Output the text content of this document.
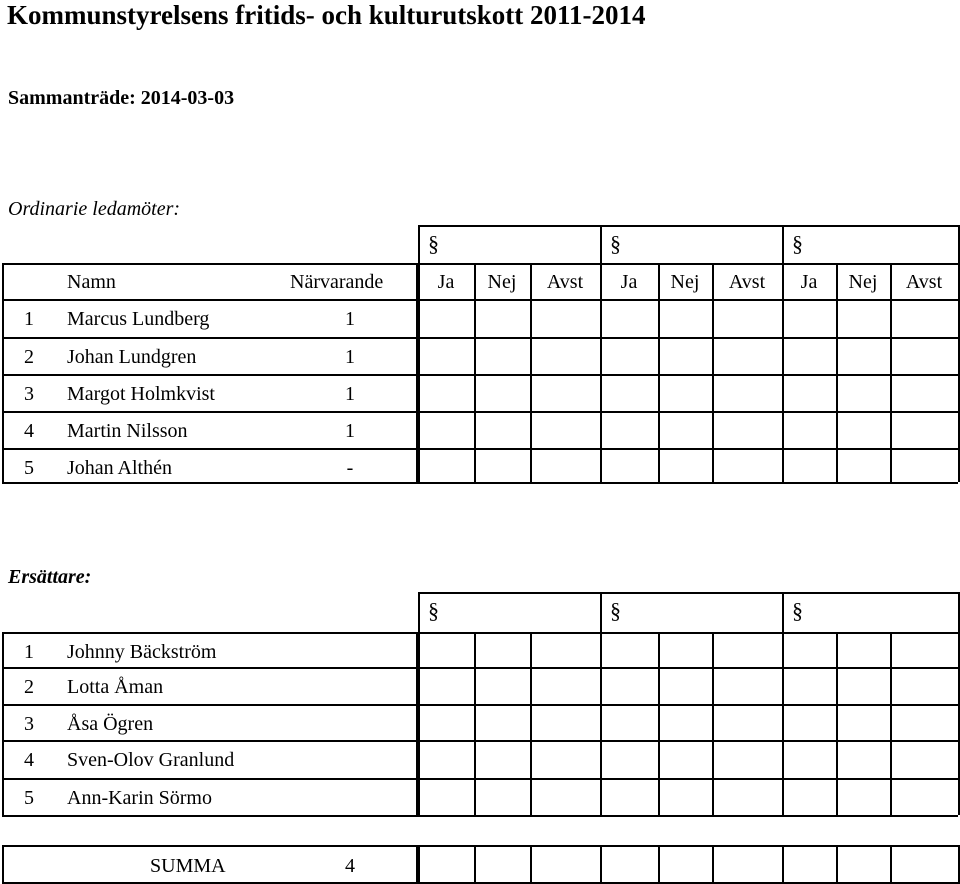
Kommunstyrelsens fritids- och kulturutskott 2011-2014
Sammanträde: 2014-03-03
Ordinarie ledamöter:
§	§	§
Namn	Närvarande	Ja	Nej	Avst	Ja	Nej	Avst	Ja	Nej	Avst
1 Marcus Lundberg	1
2 Johan Lundgren	1
3 Margot Holmkvist	1
4 Martin Nilsson	1
5 Johan Althén	-
Ersättare:
§	§	§
1 Johnny Bäckström
2 Lotta Åman
3 Åsa Ögren
4 Sven-Olov Granlund
5 Ann-Karin Sörmo
SUMMA	4
